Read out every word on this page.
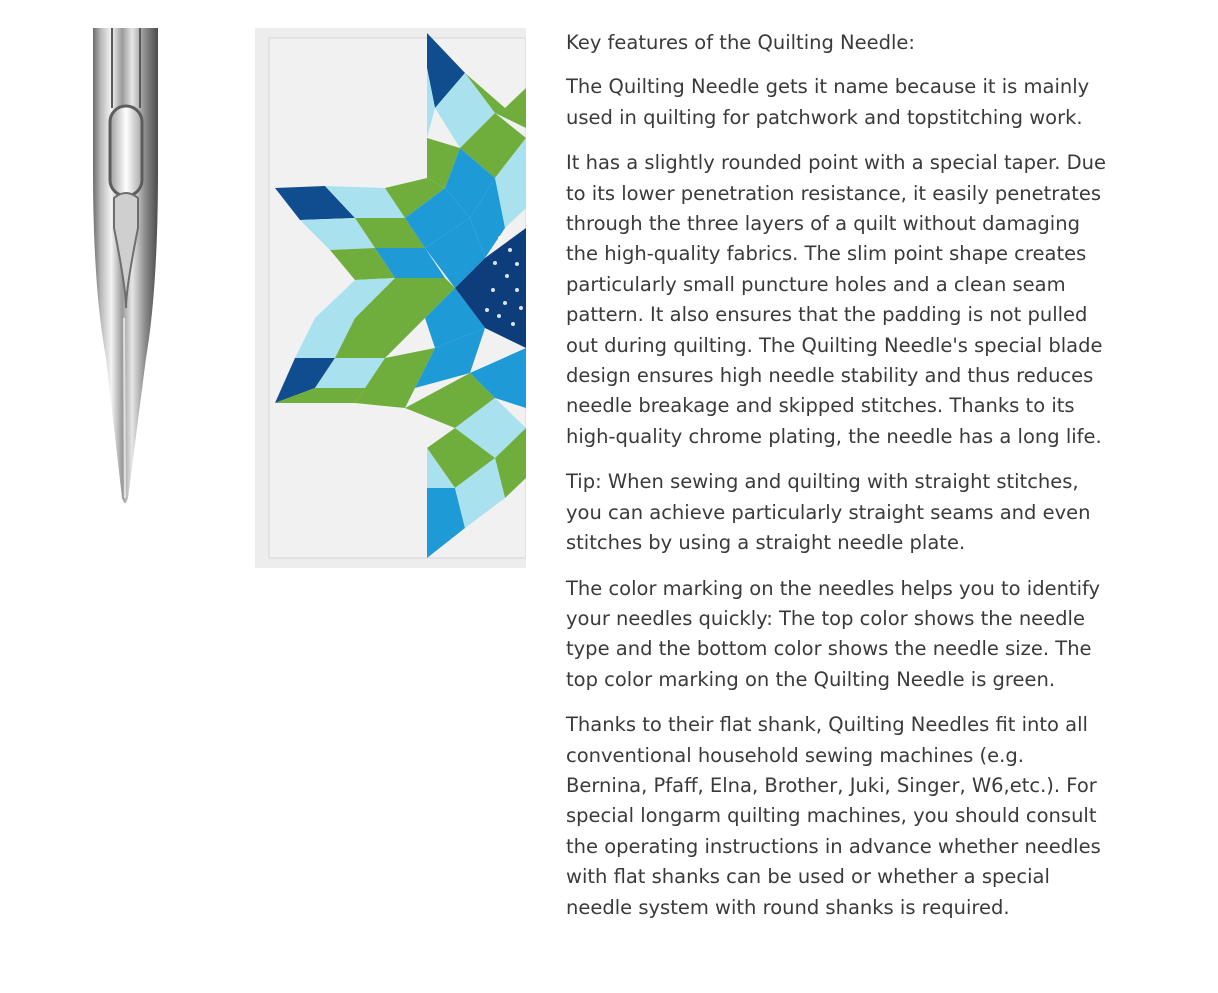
Key features of the Quilting Needle:

The Quilting Needle gets it name because it is mainly used in quilting for patchwork and topstitching work.

It has a slightly rounded point with a special taper. Due to its lower penetration resistance, it easily penetrates through the three layers of a quilt without damaging the high-quality fabrics. The slim point shape creates particularly small puncture holes and a clean seam pattern. It also ensures that the padding is not pulled out during quilting. The Quilting Needle's special blade design ensures high needle stability and thus reduces needle breakage and skipped stitches. Thanks to its high-quality chrome plating, the needle has a long life.

Tip: When sewing and quilting with straight stitches, you can achieve particularly straight seams and even stitches by using a straight needle plate.

The color marking on the needles helps you to identify your needles quickly: The top color shows the needle type and the bottom color shows the needle size. The top color marking on the Quilting Needle is green.

Thanks to their flat shank, Quilting Needles fit into all conventional household sewing machines (e.g. Bernina, Pfaff, Elna, Brother, Juki, Singer, W6,etc.). For special longarm quilting machines, you should consult the operating instructions in advance whether needles with flat shanks can be used or whether a special needle system with round shanks is required.
